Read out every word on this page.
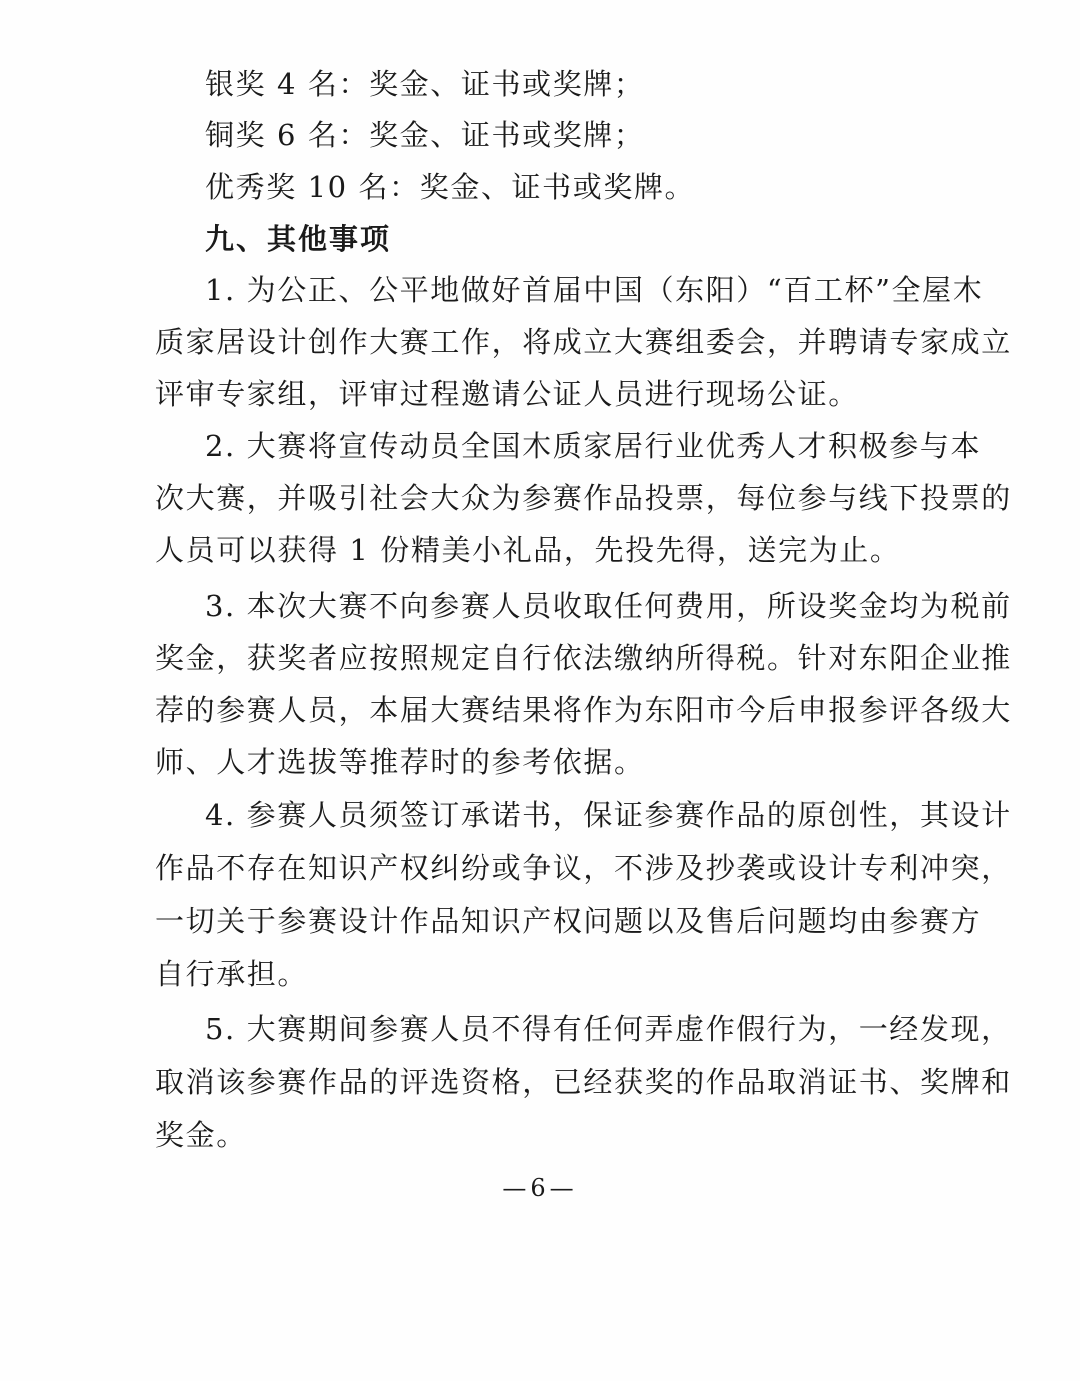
银奖 4 名：奖金、证书或奖牌；
铜奖 6 名：奖金、证书或奖牌；
优秀奖 10 名：奖金、证书或奖牌。
九、其他事项
1. 为公正、公平地做好首届中国（东阳）“百工杯”全屋木
质家居设计创作大赛工作，将成立大赛组委会，并聘请专家成立
评审专家组，评审过程邀请公证人员进行现场公证。
2. 大赛将宣传动员全国木质家居行业优秀人才积极参与本
次大赛，并吸引社会大众为参赛作品投票，每位参与线下投票的
人员可以获得 1 份精美小礼品，先投先得，送完为止。
3. 本次大赛不向参赛人员收取任何费用，所设奖金均为税前
奖金，获奖者应按照规定自行依法缴纳所得税。针对东阳企业推
荐的参赛人员，本届大赛结果将作为东阳市今后申报参评各级大
师、人才选拔等推荐时的参考依据。
4. 参赛人员须签订承诺书，保证参赛作品的原创性，其设计
作品不存在知识产权纠纷或争议，不涉及抄袭或设计专利冲突，
一切关于参赛设计作品知识产权问题以及售后问题均由参赛方
自行承担。
5. 大赛期间参赛人员不得有任何弄虚作假行为，一经发现，
取消该参赛作品的评选资格，已经获奖的作品取消证书、奖牌和
奖金。
—6—
